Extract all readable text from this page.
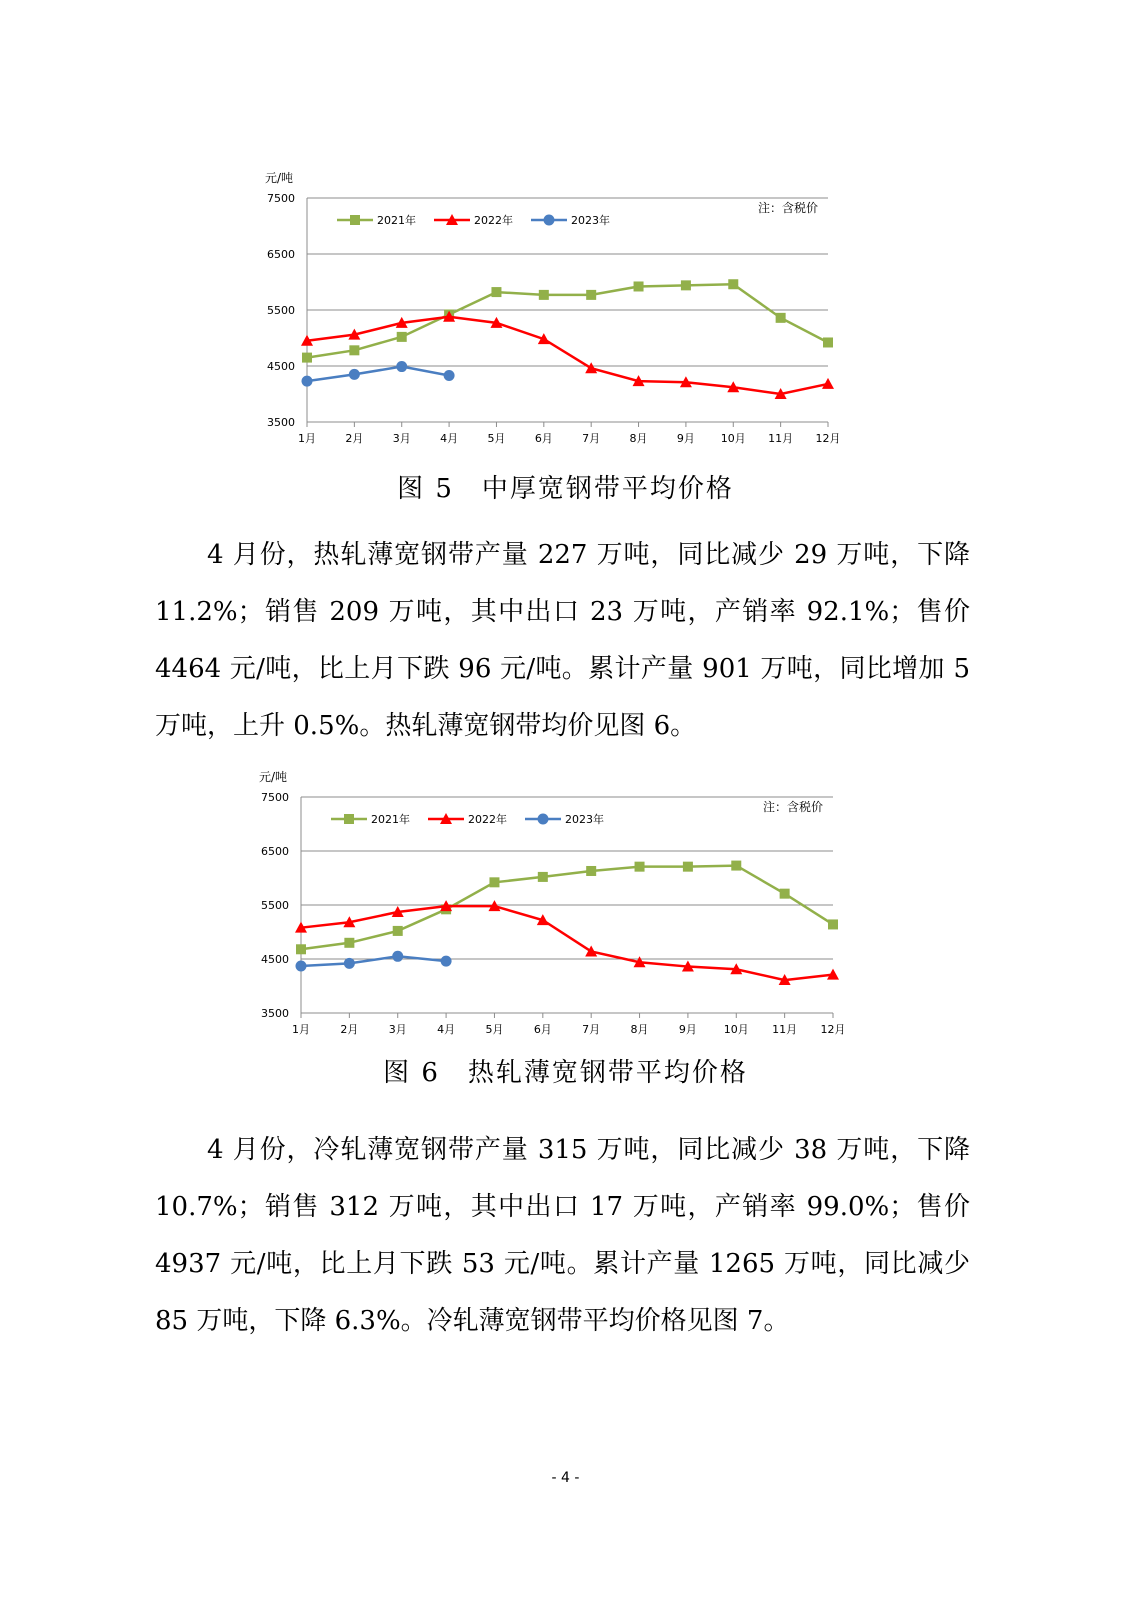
元/吨
7500
6500
5500
4500
3500
1月	2月	3月	4月	5月	6月	7月	8月	9月 10月 11月 12月
注：含税价
2021年	2022年	2023年
图 5　中厚宽钢带平均价格

4 月份，热轧薄宽钢带产量 227 万吨，同比减少 29 万吨，下降 11.2%；销售 209 万吨，其中出口 23 万吨，产销率 92.1%；售价 4464 元/吨，比上月下跌 96 元/吨。累计产量 901 万吨，同比增加 5 万吨，上升 0.5%。热轧薄宽钢带均价见图 6。

元/吨
7500
6500
5500
4500
3500
1月	2月	3月	4月	5月	6月	7月	8月	9月 10月 11月 12月
注：含税价
2021年	2022年	2023年
图 6　热轧薄宽钢带平均价格

4 月份，冷轧薄宽钢带产量 315 万吨，同比减少 38 万吨，下降 10.7%；销售 312 万吨，其中出口 17 万吨，产销率 99.0%；售价 4937 元/吨，比上月下跌 53 元/吨。累计产量 1265 万吨，同比减少 85 万吨，下降 6.3%。冷轧薄宽钢带平均价格见图 7。

- 4 -
